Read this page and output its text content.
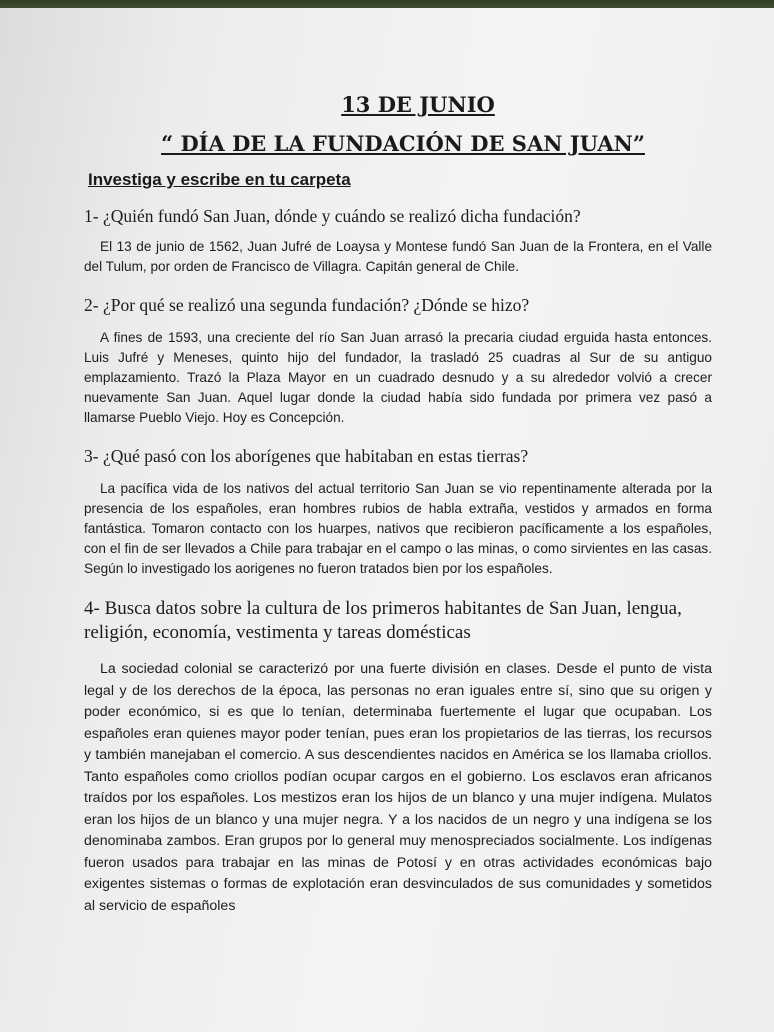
13 DE JUNIO
“ DÍA DE LA FUNDACIÓN DE SAN JUAN”
Investiga y escribe en tu carpeta
1- ¿Quién fundó San Juan, dónde y cuándo se realizó dicha fundación?
El 13 de junio de 1562, Juan Jufré de Loaysa y Montese fundó San Juan de la Frontera, en el Valle del Tulum, por orden de Francisco de Villagra. Capitán general de Chile.
2- ¿Por qué se realizó una segunda fundación? ¿Dónde se hizo?
A fines de 1593, una creciente del río San Juan arrasó la precaria ciudad erguida hasta entonces. Luis Jufré y Meneses, quinto hijo del fundador, la trasladó 25 cuadras al Sur de su antiguo emplazamiento. Trazó la Plaza Mayor en un cuadrado desnudo y a su alrededor volvió a crecer nuevamente San Juan. Aquel lugar donde la ciudad había sido fundada por primera vez pasó a llamarse Pueblo Viejo. Hoy es Concepción.
3- ¿Qué pasó con los aborígenes que habitaban en estas tierras?
La pacífica vida de los nativos del actual territorio San Juan se vio repentinamente alterada por la presencia de los españoles, eran hombres rubios de habla extraña, vestidos y armados en forma fantástica. Tomaron contacto con los huarpes, nativos que recibieron pacíficamente a los españoles, con el fin de ser llevados a Chile para trabajar en el campo o las minas, o como sirvientes en las casas. Según lo investigado los aorigenes no fueron tratados bien por los españoles.
4- Busca datos sobre la cultura de los primeros habitantes de San Juan, lengua, religión, economía, vestimenta y tareas domésticas
La sociedad colonial se caracterizó por una fuerte división en clases. Desde el punto de vista legal y de los derechos de la época, las personas no eran iguales entre sí, sino que su origen y poder económico, si es que lo tenían, determinaba fuertemente el lugar que ocupaban. Los españoles eran quienes mayor poder tenían, pues eran los propietarios de las tierras, los recursos y también manejaban el comercio. A sus descendientes nacidos en América se los llamaba criollos. Tanto españoles como criollos podían ocupar cargos en el gobierno. Los esclavos eran africanos traídos por los españoles. Los mestizos eran los hijos de un blanco y una mujer indígena. Mulatos eran los hijos de un blanco y una mujer negra. Y a los nacidos de un negro y una indígena se los denominaba zambos. Eran grupos por lo general muy menospreciados socialmente. Los indígenas fueron usados para trabajar en las minas de Potosí y en otras actividades económicas bajo exigentes sistemas o formas de explotación eran desvinculados de sus comunidades y sometidos al servicio de españoles
